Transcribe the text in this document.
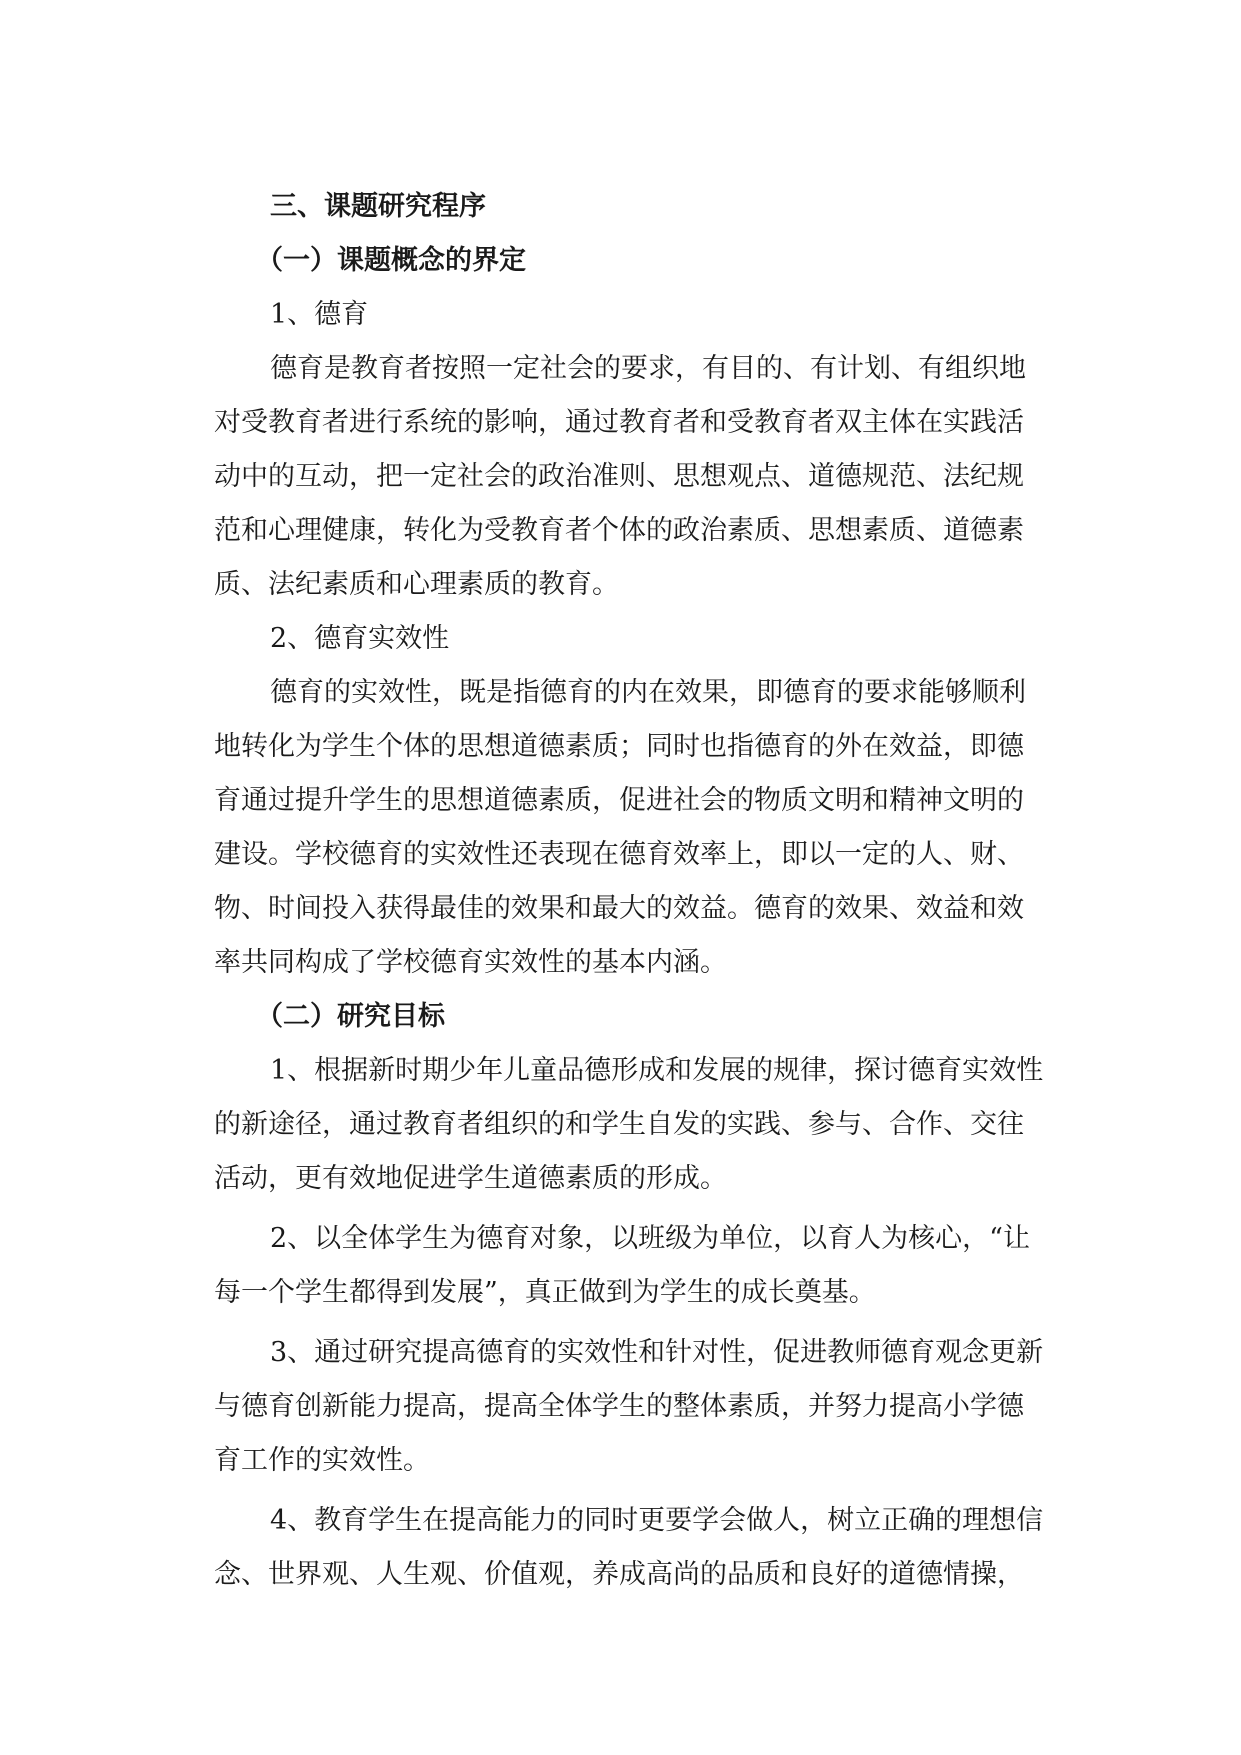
三、课题研究程序

（一）课题概念的界定

1、德育

德育是教育者按照一定社会的要求，有目的、有计划、有组织地

对受教育者进行系统的影响，通过教育者和受教育者双主体在实践活

动中的互动，把一定社会的政治准则、思想观点、道德规范、法纪规

范和心理健康，转化为受教育者个体的政治素质、思想素质、道德素

质、法纪素质和心理素质的教育。

2、德育实效性

德育的实效性，既是指德育的内在效果，即德育的要求能够顺利

地转化为学生个体的思想道德素质；同时也指德育的外在效益，即德

育通过提升学生的思想道德素质，促进社会的物质文明和精神文明的

建设。学校德育的实效性还表现在德育效率上，即以一定的人、财、

物、时间投入获得最佳的效果和最大的效益。德育的效果、效益和效

率共同构成了学校德育实效性的基本内涵。

（二）研究目标

1、根据新时期少年儿童品德形成和发展的规律，探讨德育实效性

的新途径，通过教育者组织的和学生自发的实践、参与、合作、交往

活动，更有效地促进学生道德素质的形成。

2、以全体学生为德育对象，以班级为单位，以育人为核心，“让

每一个学生都得到发展”，真正做到为学生的成长奠基。

3、通过研究提高德育的实效性和针对性，促进教师德育观念更新

与德育创新能力提高，提高全体学生的整体素质，并努力提高小学德

育工作的实效性。

4、教育学生在提高能力的同时更要学会做人，树立正确的理想信

念、世界观、人生观、价值观，养成高尚的品质和良好的道德情操，
